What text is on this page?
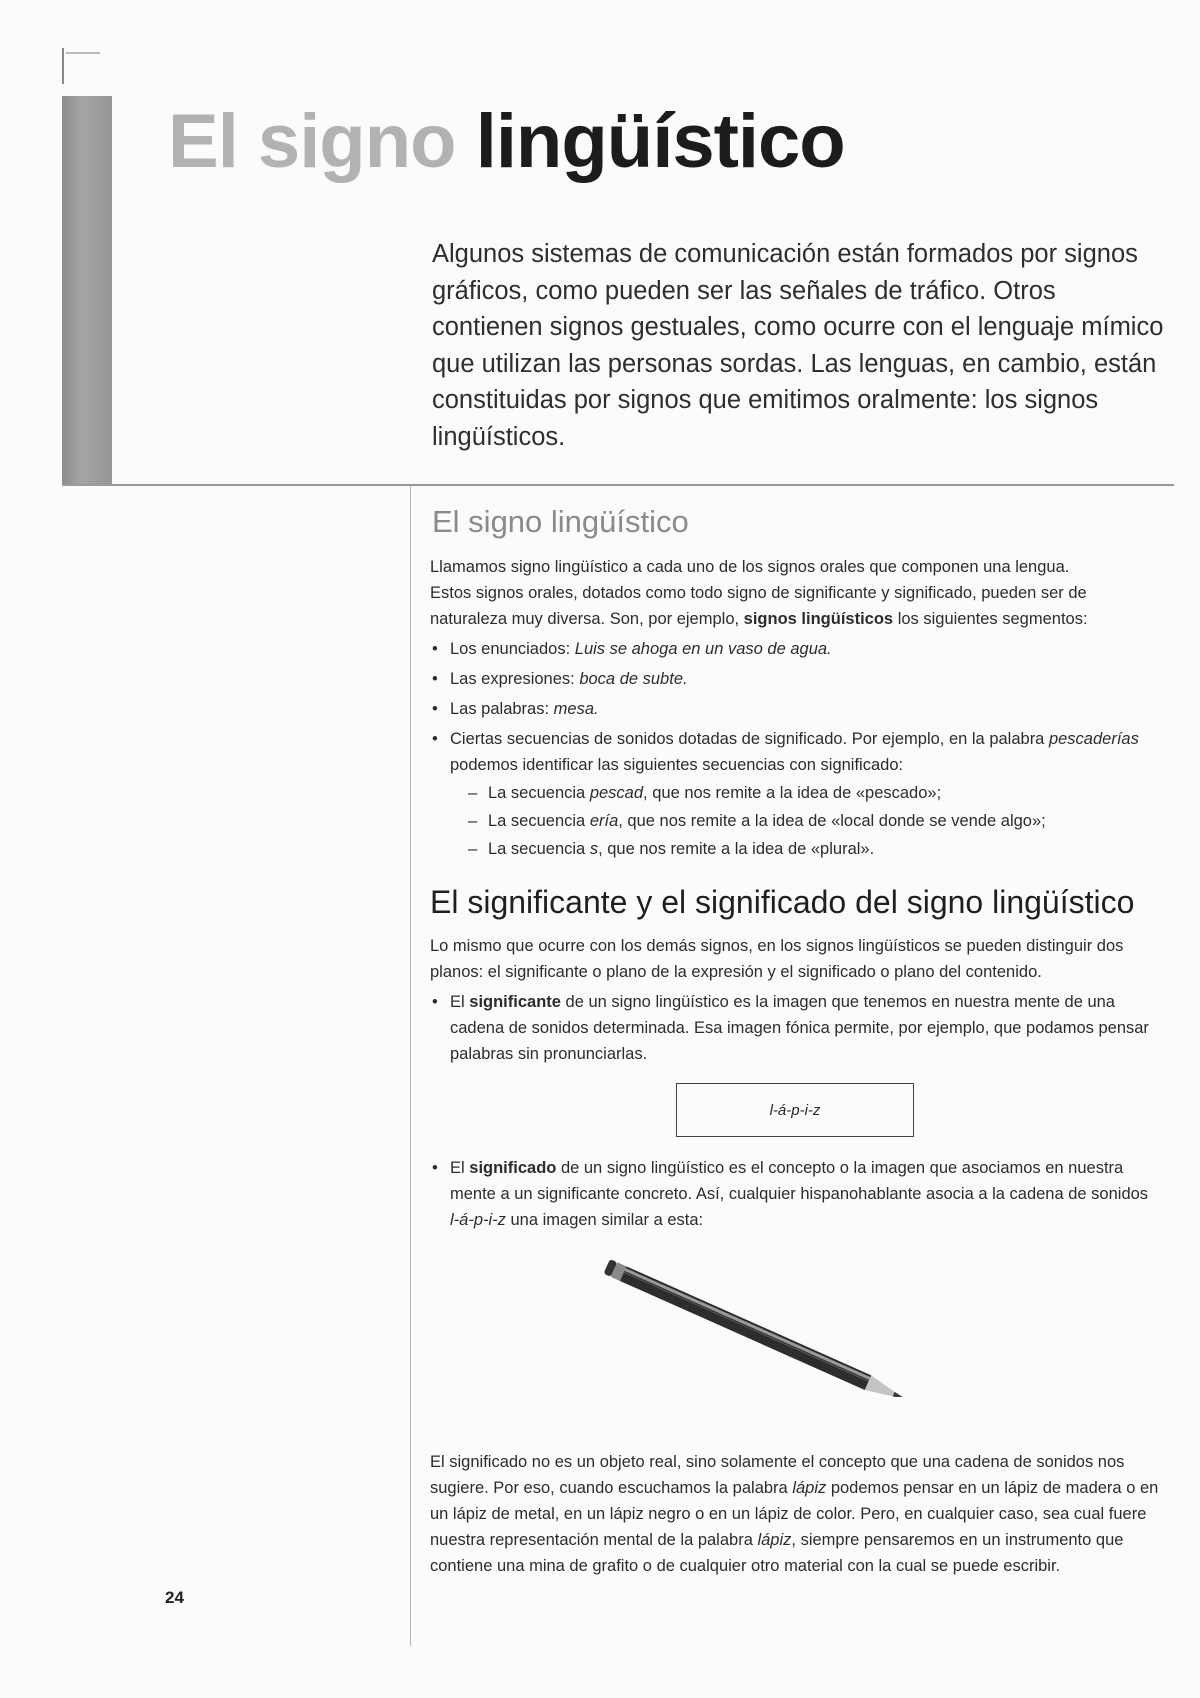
El signo lingüístico
Algunos sistemas de comunicación están formados por signos gráficos, como pueden ser las señales de tráfico. Otros contienen signos gestuales, como ocurre con el lenguaje mímico que utilizan las personas sordas. Las lenguas, en cambio, están constituidas por signos que emitimos oralmente: los signos lingüísticos.
El signo lingüístico

Llamamos signo lingüístico a cada uno de los signos orales que componen una lengua.

Estos signos orales, dotados como todo signo de significante y significado, pueden ser de naturaleza muy diversa. Son, por ejemplo, signos lingüísticos los siguientes segmentos:

• Los enunciados: Luis se ahoga en un vaso de agua.
• Las expresiones: boca de subte.
• Las palabras: mesa.
• Ciertas secuencias de sonidos dotadas de significado. Por ejemplo, en la palabra pescaderías podemos identificar las siguientes secuencias con significado:
– La secuencia pescad, que nos remite a la idea de «pescado»;
– La secuencia ería, que nos remite a la idea de «local donde se vende algo»;
– La secuencia s, que nos remite a la idea de «plural».
El significante y el significado del signo lingüístico

Lo mismo que ocurre con los demás signos, en los signos lingüísticos se pueden distinguir dos planos: el significante o plano de la expresión y el significado o plano del contenido.

• El significante de un signo lingüístico es la imagen que tenemos en nuestra mente de una cadena de sonidos determinada. Esa imagen fónica permite, por ejemplo, que podamos pensar palabras sin pronunciarlas.
l-á-p-i-z
• El significado de un signo lingüístico es el concepto o la imagen que asociamos en nuestra mente a un significante concreto. Así, cualquier hispanohablante asocia a la cadena de sonidos l-á-p-i-z una imagen similar a esta:

El significado no es un objeto real, sino solamente el concepto que una cadena de sonidos nos sugiere. Por eso, cuando escuchamos la palabra lápiz podemos pensar en un lápiz de madera o en un lápiz de metal, en un lápiz negro o en un lápiz de color. Pero, en cualquier caso, sea cual fuere nuestra representación mental de la palabra lápiz, siempre pensaremos en un instrumento que contiene una mina de grafito o de cualquier otro material con la cual se puede escribir.

24
